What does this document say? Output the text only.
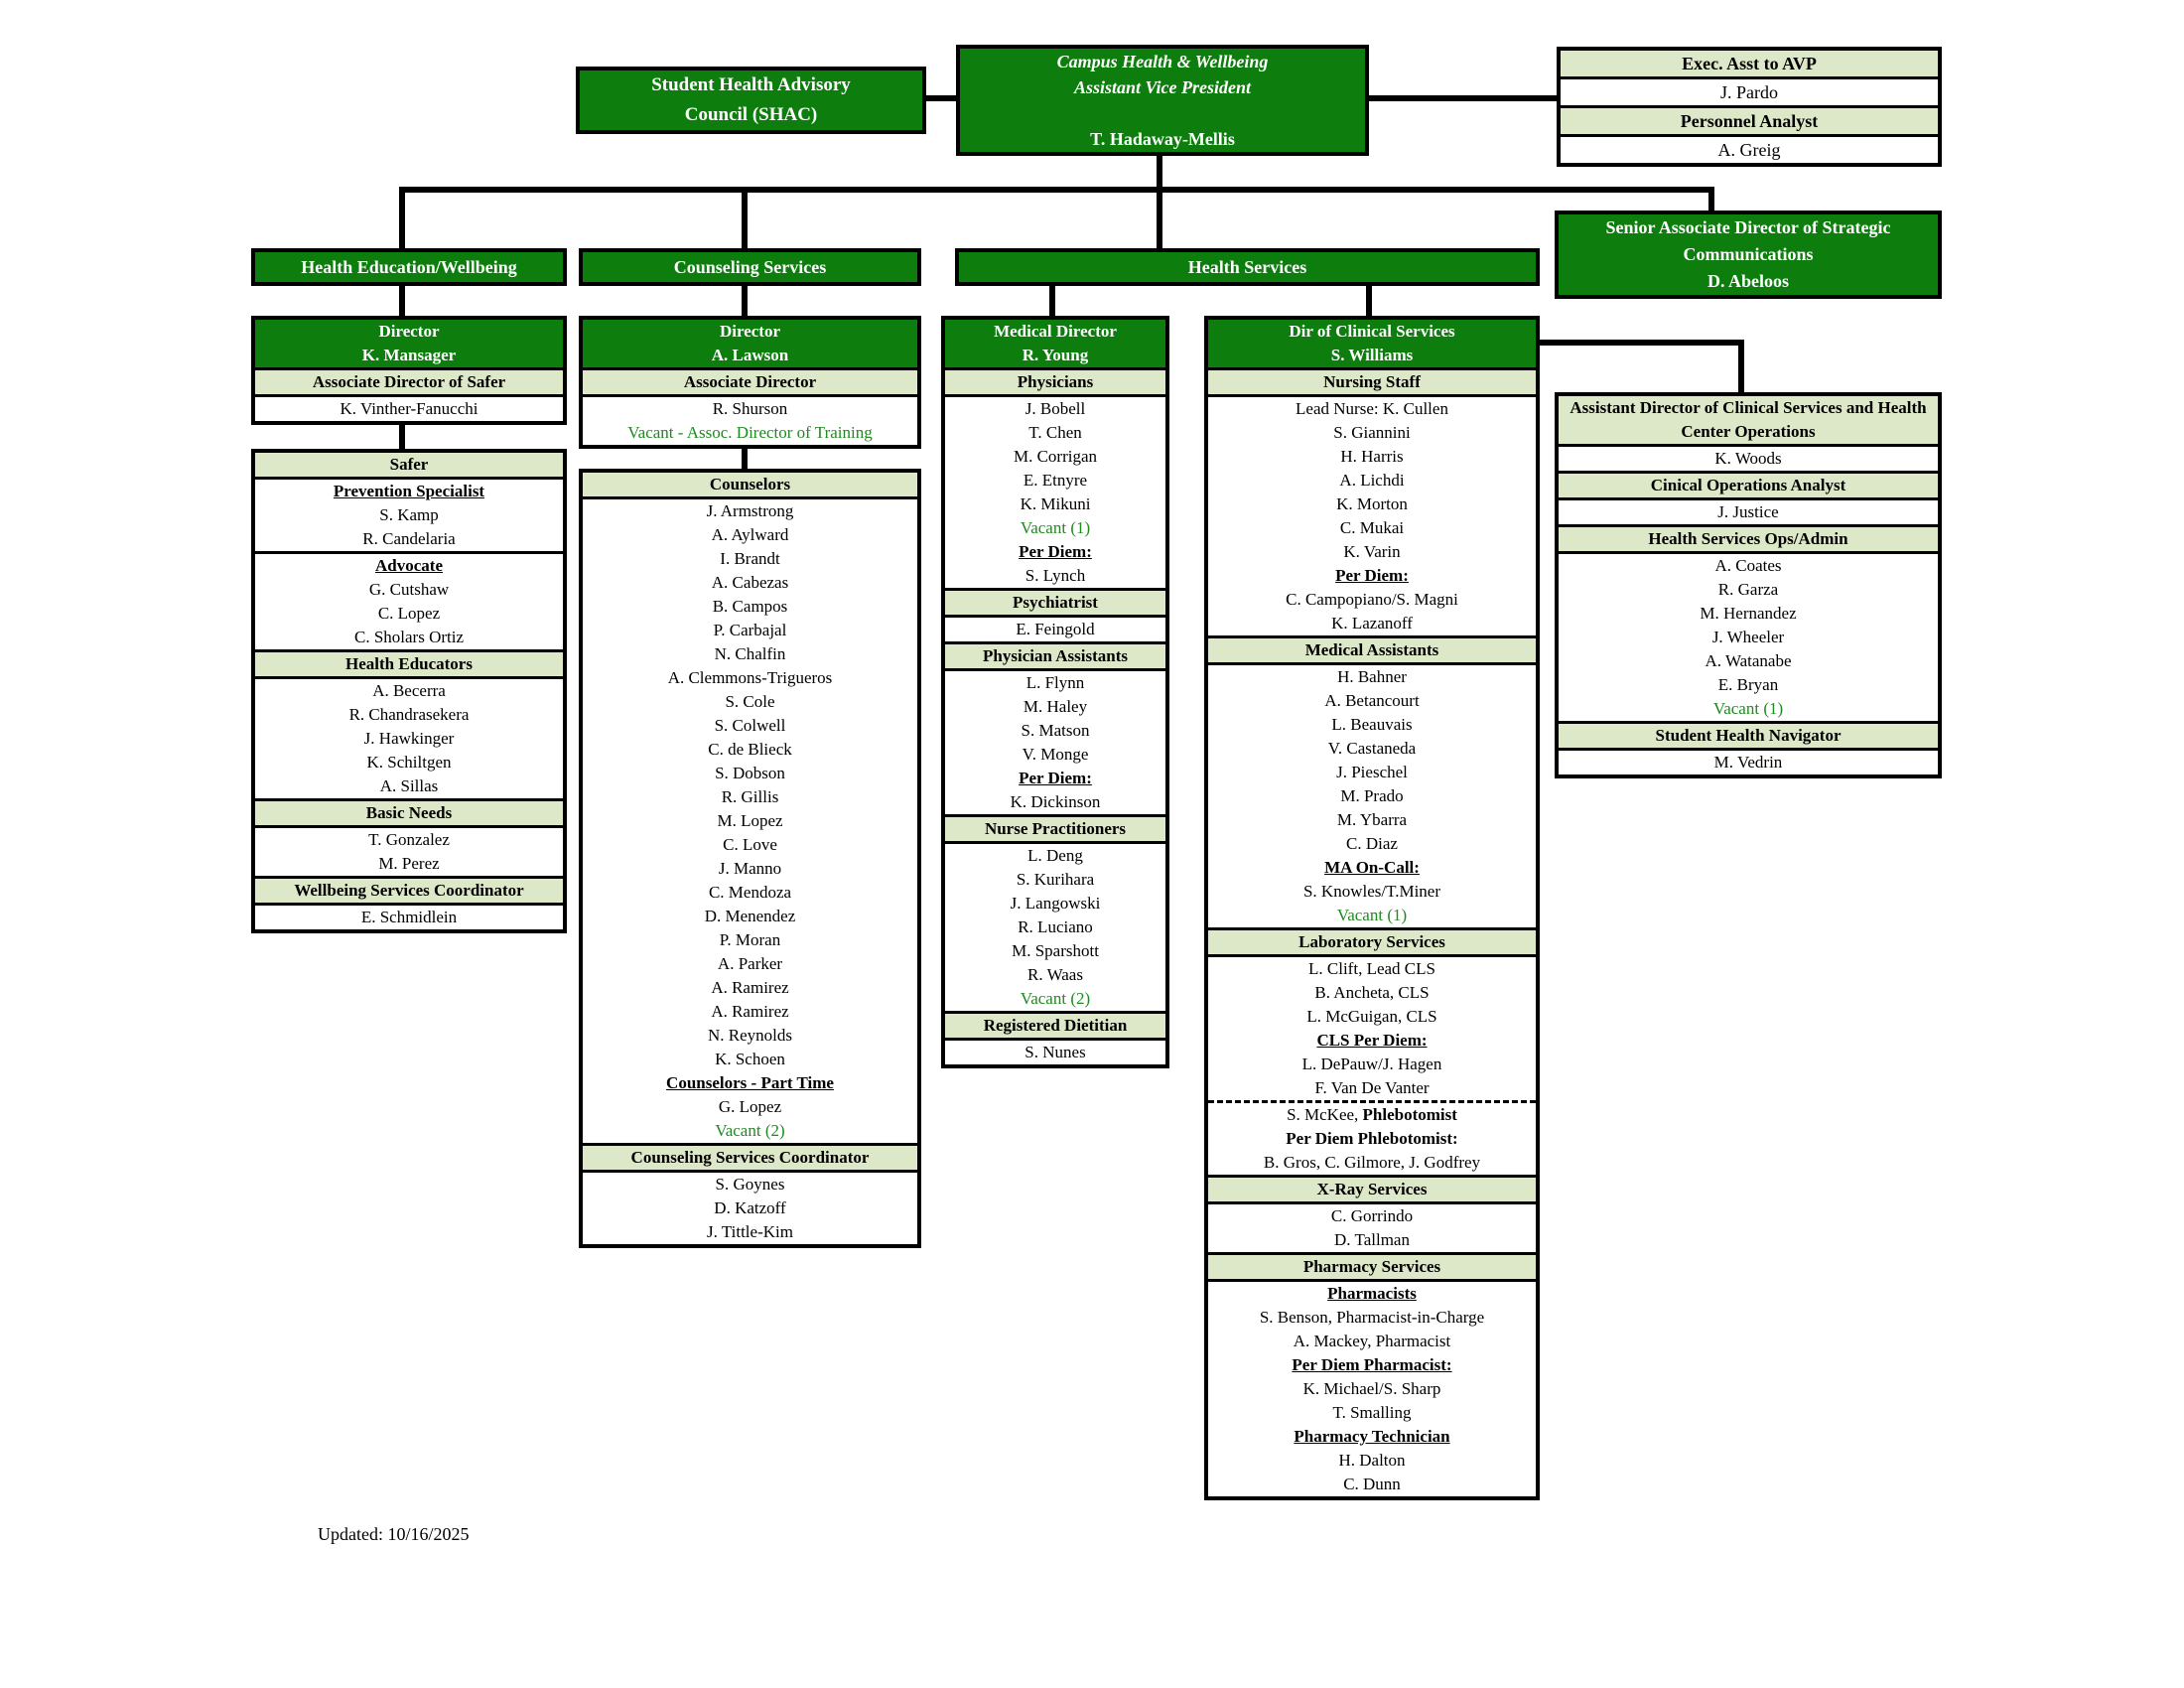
Student Health Advisory
Council (SHAC)
Campus Health & Wellbeing
Assistant Vice President
T. Hadaway-Mellis
Exec. Asst to AVP
J. Pardo
Personnel Analyst
A. Greig
Health Education/Wellbeing	Counseling Services	Health Services
Senior Associate Director of Strategic
Communications
D. Abeloos
Director
K. Mansager
Associate Director of Safer
K. Vinther-Fanucchi
Safer
Prevention Specialist
S. Kamp
R. Candelaria
Advocate
G. Cutshaw
C. Lopez
C. Sholars Ortiz
Health Educators
A. Becerra
R. Chandrasekera
J. Hawkinger
K. Schiltgen
A. Sillas
Basic Needs
T. Gonzalez
M. Perez
Wellbeing Services Coordinator
E. Schmidlein
Director
A. Lawson
Associate Director
R. Shurson
Vacant - Assoc. Director of Training
Counselors
J. Armstrong
A. Aylward
I. Brandt
A. Cabezas
B. Campos
P. Carbajal
N. Chalfin
A. Clemmons-Trigueros
S. Cole
S. Colwell
C. de Blieck
S. Dobson
R. Gillis
M. Lopez
C. Love
J. Manno
C. Mendoza
D. Menendez
P. Moran
A. Parker
A. Ramirez
A. Ramirez
N. Reynolds
K. Schoen
Counselors - Part Time
G. Lopez
Vacant (2)
Counseling Services Coordinator
S. Goynes
D. Katzoff
J. Tittle-Kim
Medical Director
R. Young
Physicians
J. Bobell
T. Chen
M. Corrigan
E. Etnyre
K. Mikuni
Vacant (1)
Per Diem:
S. Lynch
Psychiatrist
E. Feingold
Physician Assistants
L. Flynn
M. Haley
S. Matson
V. Monge
Per Diem:
K. Dickinson
Nurse Practitioners
L. Deng
S. Kurihara
J. Langowski
R. Luciano
M. Sparshott
R. Waas
Vacant (2)
Registered Dietitian
S. Nunes
Dir of Clinical Services
S. Williams
Nursing Staff
Lead Nurse: K. Cullen
S. Giannini
H. Harris
A. Lichdi
K. Morton
C. Mukai
K. Varin
Per Diem:
C. Campopiano/S. Magni
K. Lazanoff
Medical Assistants
H. Bahner
A. Betancourt
L. Beauvais
V. Castaneda
J. Pieschel
M. Prado
M. Ybarra
C. Diaz
MA On-Call:
S. Knowles/T.Miner
Vacant (1)
Laboratory Services
L. Clift, Lead CLS
B. Ancheta, CLS
L. McGuigan, CLS
CLS Per Diem:
L. DePauw/J. Hagen
F. Van De Vanter
S. McKee, Phlebotomist
Per Diem Phlebotomist:
B. Gros, C. Gilmore, J. Godfrey
X-Ray Services
C. Gorrindo
D. Tallman
Pharmacy Services
Pharmacists
S. Benson, Pharmacist-in-Charge
A. Mackey, Pharmacist
Per Diem Pharmacist:
K. Michael/S. Sharp
T. Smalling
Pharmacy Technician
H. Dalton
C. Dunn
Assistant Director of Clinical Services and Health Center Operations
K. Woods
Cinical Operations Analyst
J. Justice
Health Services Ops/Admin
A. Coates
R. Garza
M. Hernandez
J. Wheeler
A. Watanabe
E. Bryan
Vacant (1)
Student Health Navigator
M. Vedrin
Updated: 10/16/2025
